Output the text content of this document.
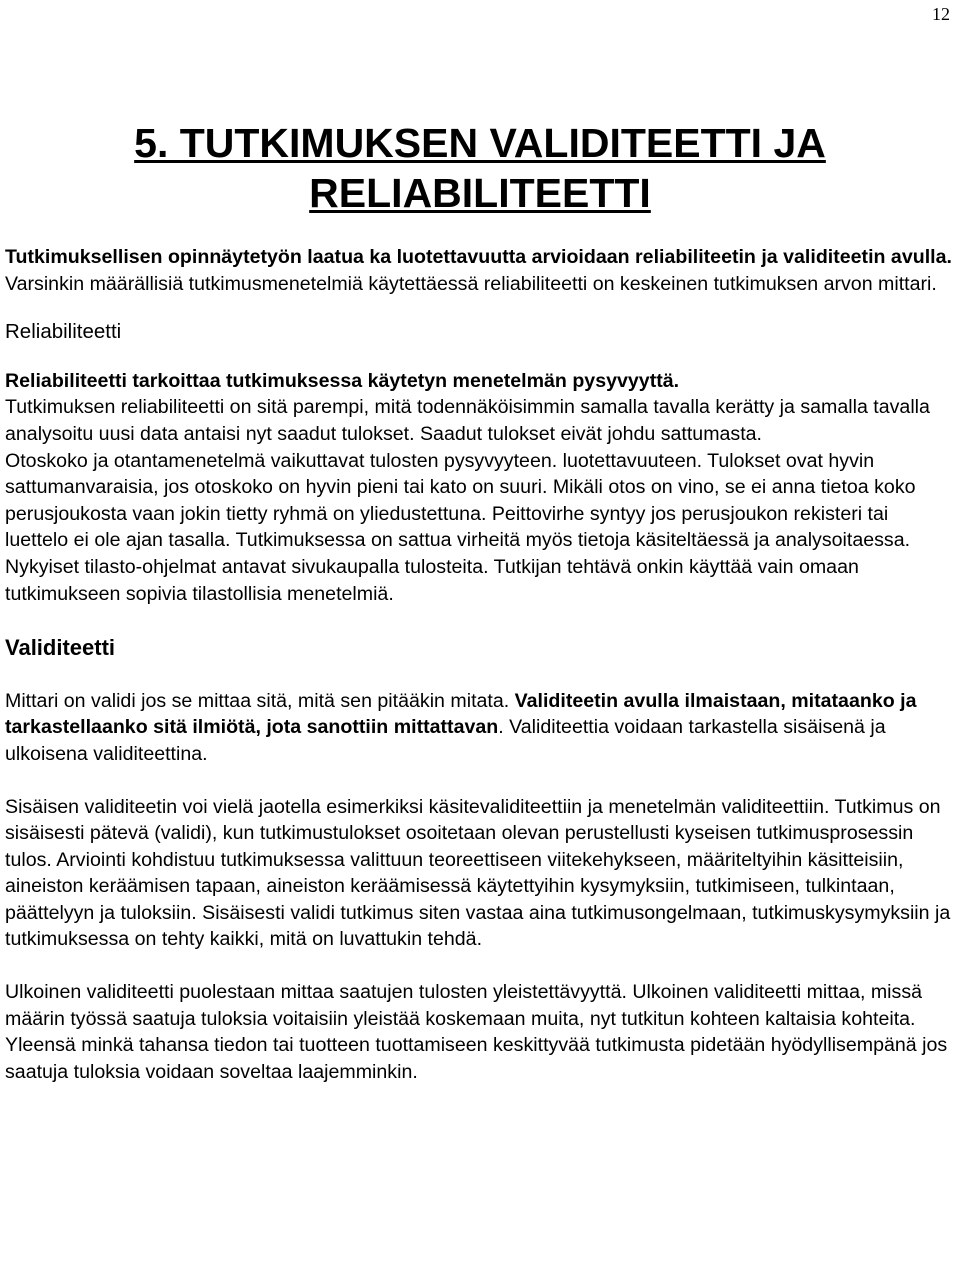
12
5. TUTKIMUKSEN VALIDITEETTI JA
RELIABILITEETTI

Tutkimuksellisen opinnäytetyön laatua ka luotettavuutta arvioidaan reliabiliteetin ja validiteetin avulla. Varsinkin määrällisiä tutkimusmenetelmiä käytettäessä reliabiliteetti on keskeinen tutkimuksen arvon mittari.

Reliabiliteetti

Reliabiliteetti tarkoittaa tutkimuksessa käytetyn menetelmän pysyvyyttä.
Tutkimuksen reliabiliteetti on sitä parempi, mitä todennäköisimmin samalla tavalla kerätty ja samalla tavalla analysoitu uusi data antaisi nyt saadut tulokset. Saadut tulokset eivät johdu sattumasta.

Otoskoko ja otantamenetelmä vaikuttavat tulosten pysyvyyteen. luotettavuuteen. Tulokset ovat hyvin sattumanvaraisia, jos otoskoko on hyvin pieni tai kato on suuri. Mikäli otos on vino, se ei anna tietoa koko perusjoukosta vaan jokin tietty ryhmä on yliedustettuna. Peittovirhe syntyy jos perusjoukon rekisteri tai luettelo ei ole ajan tasalla. Tutkimuksessa on sattua virheitä myös tietoja käsiteltäessä ja analysoitaessa. Nykyiset tilasto-ohjelmat antavat sivukaupalla tulosteita. Tutkijan tehtävä onkin käyttää vain omaan tutkimukseen sopivia tilastollisia menetelmiä.

Validiteetti

Mittari on validi jos se mittaa sitä, mitä sen pitääkin mitata. Validiteetin avulla ilmaistaan, mitataanko ja tarkastellaanko sitä ilmiötä, jota sanottiin mittattavan. Validiteettia voidaan tarkastella sisäisenä ja ulkoisena validiteettina.

Sisäisen validiteetin voi vielä jaotella esimerkiksi käsitevaliditeettiin ja menetelmän validiteettiin. Tutkimus on sisäisesti pätevä (validi), kun tutkimustulokset osoitetaan olevan perustellusti kyseisen tutkimusprosessin tulos. Arviointi kohdistuu tutkimuksessa valittuun teoreettiseen viitekehykseen, määriteltyihin käsitteisiin, aineiston keräämisen tapaan, aineiston keräämisessä käytettyihin kysymyksiin, tutkimiseen, tulkintaan, päättelyyn ja tuloksiin. Sisäisesti validi tutkimus siten vastaa aina tutkimusongelmaan, tutkimuskysymyksiin ja tutkimuksessa on tehty kaikki, mitä on luvattukin tehdä.

Ulkoinen validiteetti puolestaan mittaa saatujen tulosten yleistettävyyttä. Ulkoinen validiteetti mittaa, missä määrin työssä saatuja tuloksia voitaisiin yleistää koskemaan muita, nyt tutkitun kohteen kaltaisia kohteita. Yleensä minkä tahansa tiedon tai tuotteen tuottamiseen keskittyvää tutkimusta pidetään hyödyllisempänä jos saatuja tuloksia voidaan soveltaa laajemminkin.
